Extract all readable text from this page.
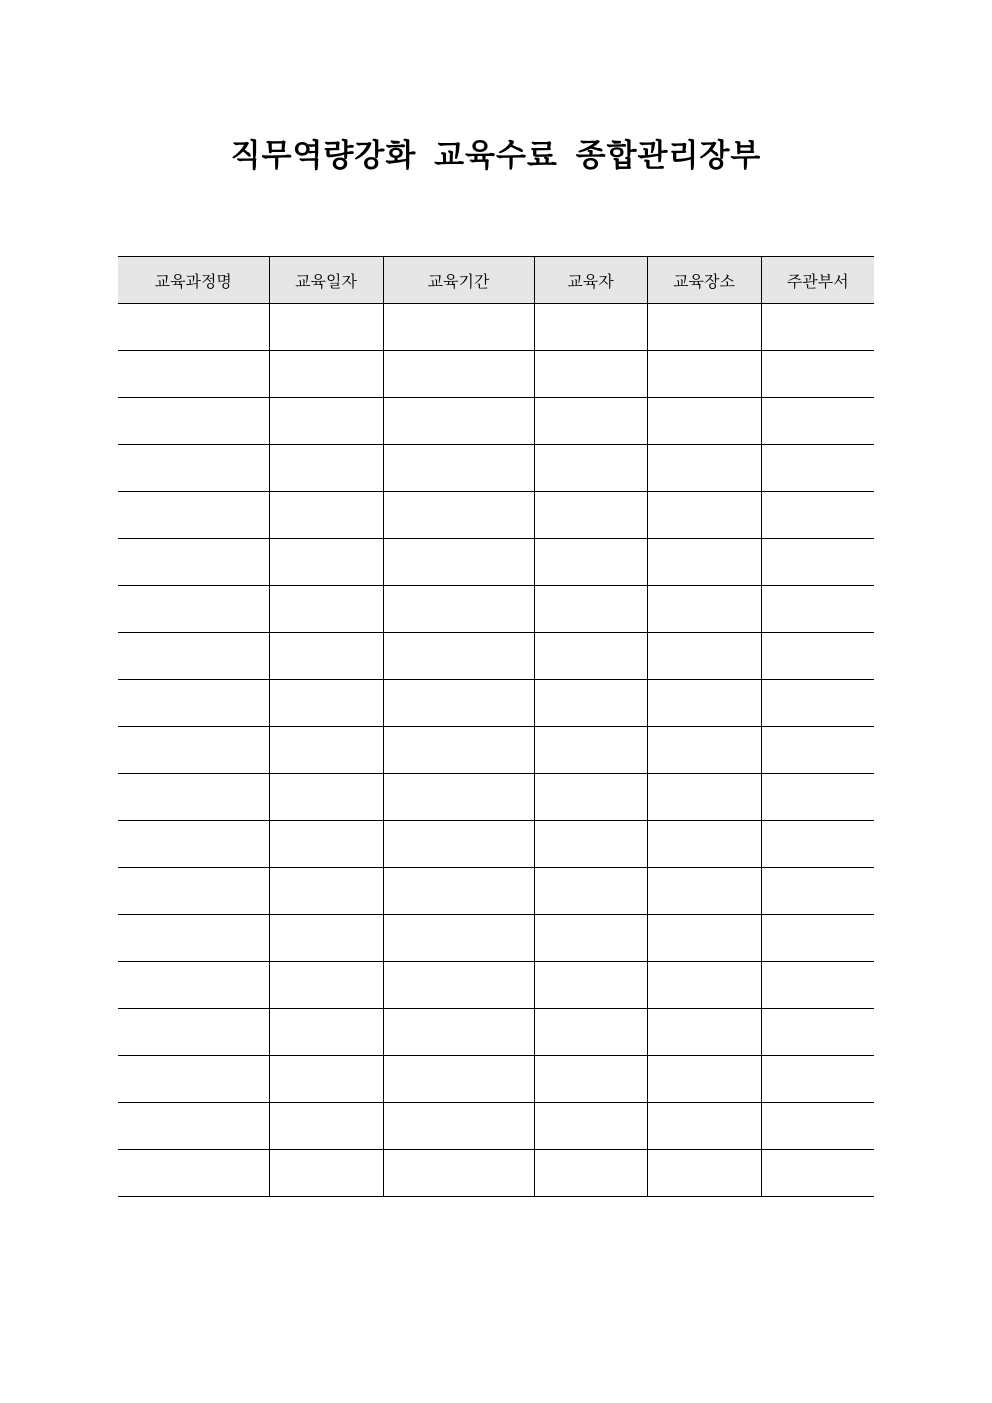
직무역량강화 교육수료 종합관리장부
교육과정명	교육일자	교육기간	교육자	교육장소	주관부서
